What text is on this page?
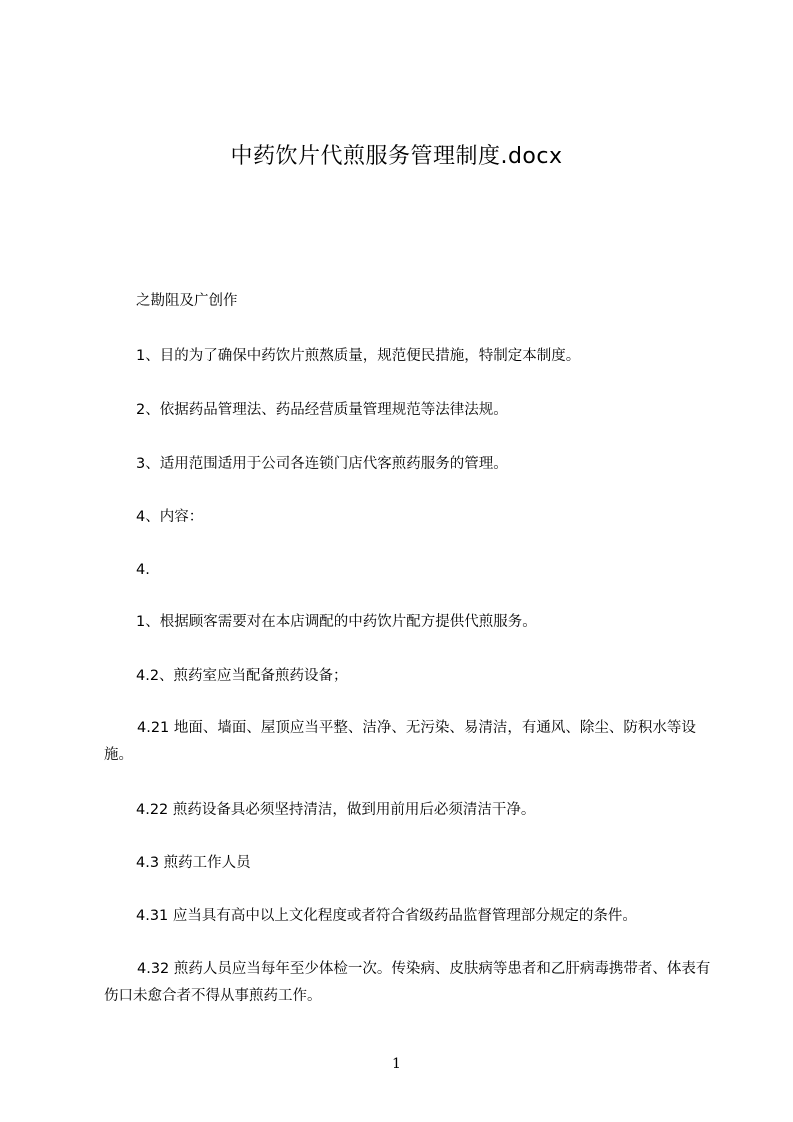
中药饮片代煎服务管理制度.docx
之勘阻及广创作
1、目的为了确保中药饮片煎熬质量，规范便民措施，特制定本制度。
2、依据药品管理法、药品经营质量管理规范等法律法规。
3、适用范围适用于公司各连锁门店代客煎药服务的管理。
4、内容：
4.
1、根据顾客需要对在本店调配的中药饮片配方提供代煎服务。
4.2、煎药室应当配备煎药设备；
4.21 地面、墙面、屋顶应当平整、洁净、无污染、易清洁，有通风、除尘、防积水等设施。
4.22 煎药设备具必须坚持清洁，做到用前用后必须清洁干净。
4.3 煎药工作人员
4.31 应当具有高中以上文化程度或者符合省级药品监督管理部分规定的条件。
4.32 煎药人员应当每年至少体检一次。传染病、皮肤病等患者和乙肝病毒携带者、体表有伤口未愈合者不得从事煎药工作。
1
